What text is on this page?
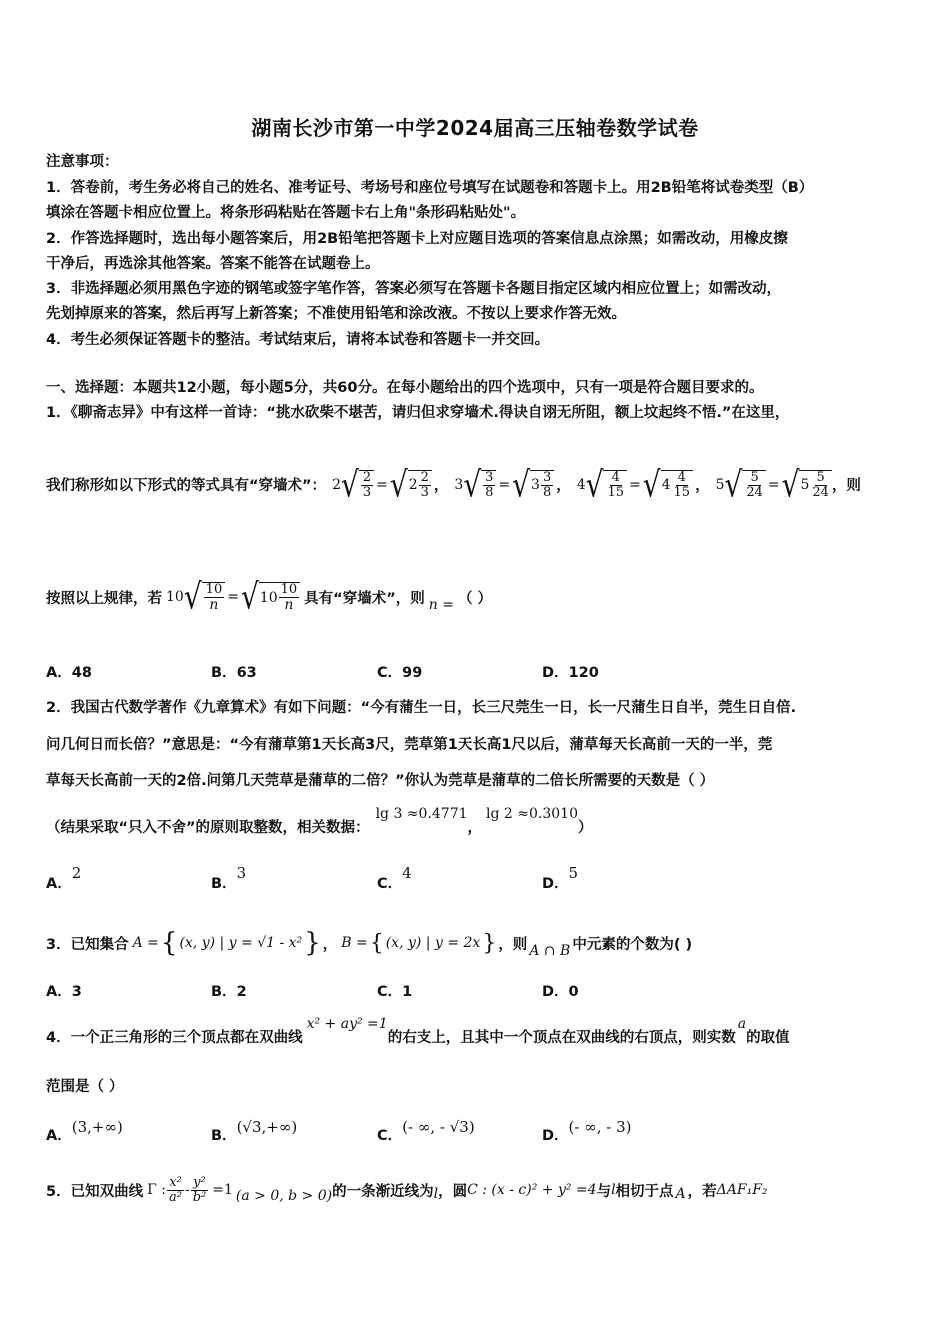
湖南长沙市第一中学2024届高三压轴卷数学试卷
注意事项：
1．答卷前，考生务必将自己的姓名、准考证号、考场号和座位号填写在试题卷和答题卡上。用2B铅笔将试卷类型（B）
填涂在答题卡相应位置上。将条形码粘贴在答题卡右上角"条形码粘贴处"。
2．作答选择题时，选出每小题答案后，用2B铅笔把答题卡上对应题目选项的答案信息点涂黑；如需改动，用橡皮擦
干净后，再选涂其他答案。答案不能答在试题卷上。
3．非选择题必须用黑色字迹的钢笔或签字笔作答，答案必须写在答题卡各题目指定区域内相应位置上；如需改动，
先划掉原来的答案，然后再写上新答案；不准使用铅笔和涂改液。不按以上要求作答无效。
4．考生必须保证答题卡的整洁。考试结束后，请将本试卷和答题卡一并交回。
一、选择题：本题共12小题，每小题5分，共60分。在每小题给出的四个选项中，只有一项是符合题目要求的。
1．《聊斋志异》中有这样一首诗：“挑水砍柴不堪苦，请归但求穿墙术.得诀自诩无所阻，额上坟起终不悟.”在这里，
我们称形如以下形式的等式具有“穿墙术”： 2 √ $\frac{2}{3}$ = √ $2 \frac{2}{3}$ ， 3 √ $\frac{3}{8}$ = √ $3 \frac{3}{8}$ ， 4 √ $\frac{4}{15}$ = √ $4 \frac{4}{15}$ ， 5 √ $\frac{5}{24}$ = √ $5 \frac{5}{24}$ ，则
按照以上规律，若 10 √ $\frac{10}{n}$ = √ $10 \frac{10}{n}$ 具有“穿墙术”，则 n = （ ）
A．48	B．63	C．99	D．120
2．我国古代数学著作《九章算术》有如下问题：“今有蒲生一日，长三尺莞生一日，长一尺蒲生日自半，莞生日自倍.
问几何日而长倍？”意思是：“今有蒲草第1天长高3尺，莞草第1天长高1尺以后，蒲草每天长高前一天的一半，莞
草每天长高前一天的2倍.问第几天莞草是蒲草的二倍？”你认为莞草是蒲草的二倍长所需要的天数是（ ）
（结果采取“只入不舍”的原则取整数，相关数据：
lg 3 ≈0.4771
，
lg 2 ≈0.3010
）
A．2
B．3
C．4
D．5
3．已知集合 A = { (x, y) | y = √1 - x² } ， B = { (x, y) | y = 2x } ，则 A ∩ B 中元素的个数为( )
A．3	B．2	C．1	D．0
4．一个正三角形的三个顶点都在双曲线
x² + ay² =1
的右支上，且其中一个顶点在双曲线的右顶点，则实数
a
的取值
范围是（ ）
A．(3,+∞)	B．(√3,+∞)	C．(- ∞, - √3)	D．(- ∞, - 3)
5．已知双曲线 Γ : $\frac{\text{x²}}{\text{a²}} - \frac{\text{y²}}{\text{b²}} =1$ (a > 0, b > 0) 的一条渐近线为 l ，圆 C : (x - c)² + y² =4 与 l 相切于点 A ，若 ΔAF₁F₂
